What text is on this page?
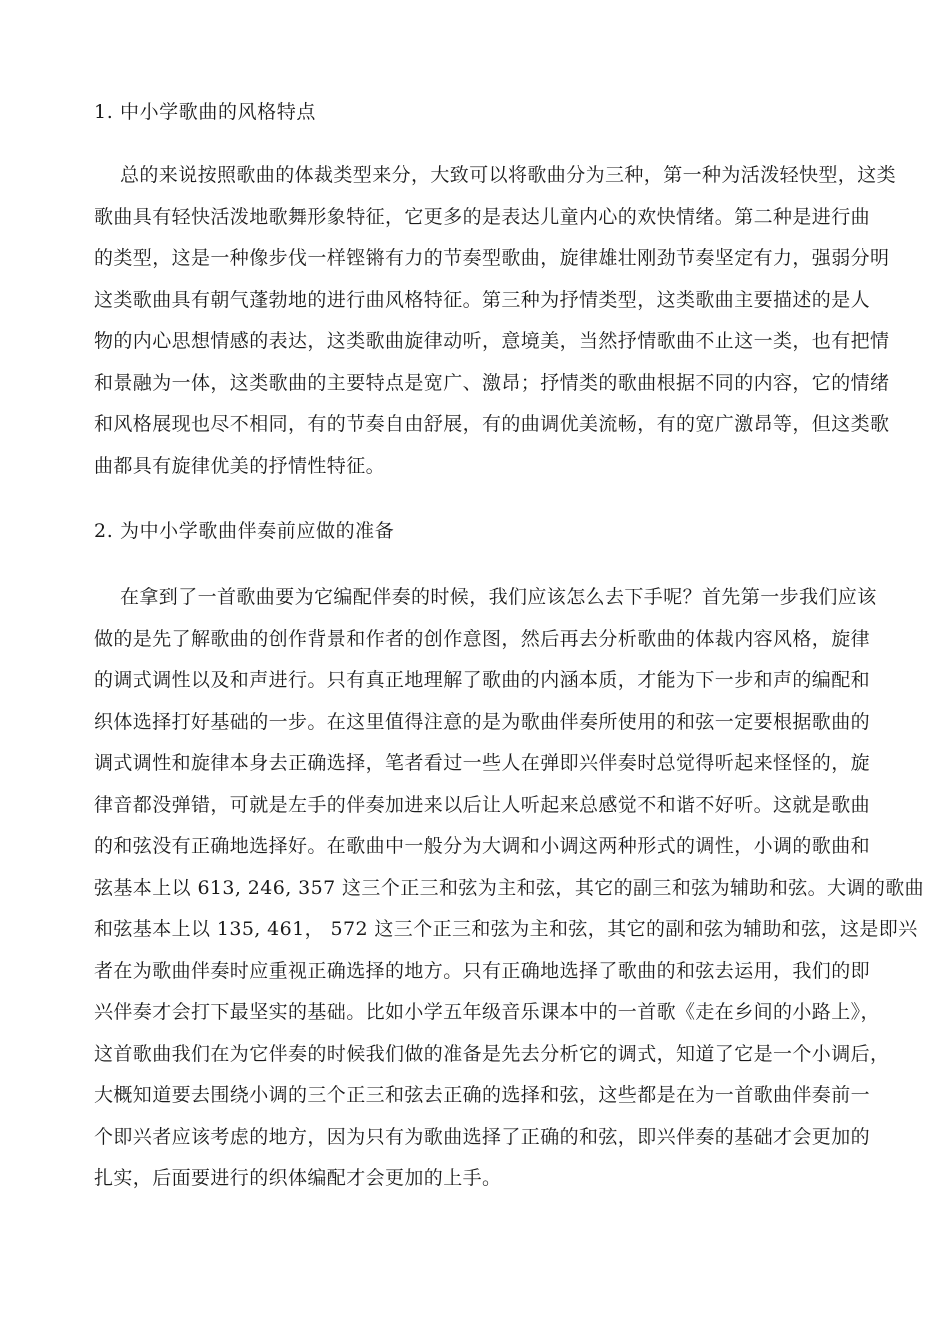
1. 中小学歌曲的风格特点
总的来说按照歌曲的体裁类型来分，大致可以将歌曲分为三种，第一种为活泼轻快型，这类
歌曲具有轻快活泼地歌舞形象特征，它更多的是表达儿童内心的欢快情绪。第二种是进行曲
的类型，这是一种像步伐一样铿锵有力的节奏型歌曲，旋律雄壮刚劲节奏坚定有力，强弱分明
这类歌曲具有朝气蓬勃地的进行曲风格特征。第三种为抒情类型，这类歌曲主要描述的是人
物的内心思想情感的表达，这类歌曲旋律动听，意境美，当然抒情歌曲不止这一类，也有把情
和景融为一体，这类歌曲的主要特点是宽广、激昂；抒情类的歌曲根据不同的内容，它的情绪
和风格展现也尽不相同，有的节奏自由舒展，有的曲调优美流畅，有的宽广激昂等，但这类歌
曲都具有旋律优美的抒情性特征。
2. 为中小学歌曲伴奏前应做的准备
在拿到了一首歌曲要为它编配伴奏的时候，我们应该怎么去下手呢？首先第一步我们应该
做的是先了解歌曲的创作背景和作者的创作意图，然后再去分析歌曲的体裁内容风格，旋律
的调式调性以及和声进行。只有真正地理解了歌曲的内涵本质，才能为下一步和声的编配和
织体选择打好基础的一步。在这里值得注意的是为歌曲伴奏所使用的和弦一定要根据歌曲的
调式调性和旋律本身去正确选择，笔者看过一些人在弹即兴伴奏时总觉得听起来怪怪的，旋
律音都没弹错，可就是左手的伴奏加进来以后让人听起来总感觉不和谐不好听。这就是歌曲
的和弦没有正确地选择好。在歌曲中一般分为大调和小调这两种形式的调性，小调的歌曲和
弦基本上以 613, 246, 357 这三个正三和弦为主和弦，其它的副三和弦为辅助和弦。大调的歌曲
和弦基本上以 135, 461， 572 这三个正三和弦为主和弦，其它的副和弦为辅助和弦，这是即兴
者在为歌曲伴奏时应重视正确选择的地方。只有正确地选择了歌曲的和弦去运用，我们的即
兴伴奏才会打下最坚实的基础。比如小学五年级音乐课本中的一首歌《走在乡间的小路上》，
这首歌曲我们在为它伴奏的时候我们做的准备是先去分析它的调式，知道了它是一个小调后，
大概知道要去围绕小调的三个正三和弦去正确的选择和弦，这些都是在为一首歌曲伴奏前一
个即兴者应该考虑的地方，因为只有为歌曲选择了正确的和弦，即兴伴奏的基础才会更加的
扎实，后面要进行的织体编配才会更加的上手。
